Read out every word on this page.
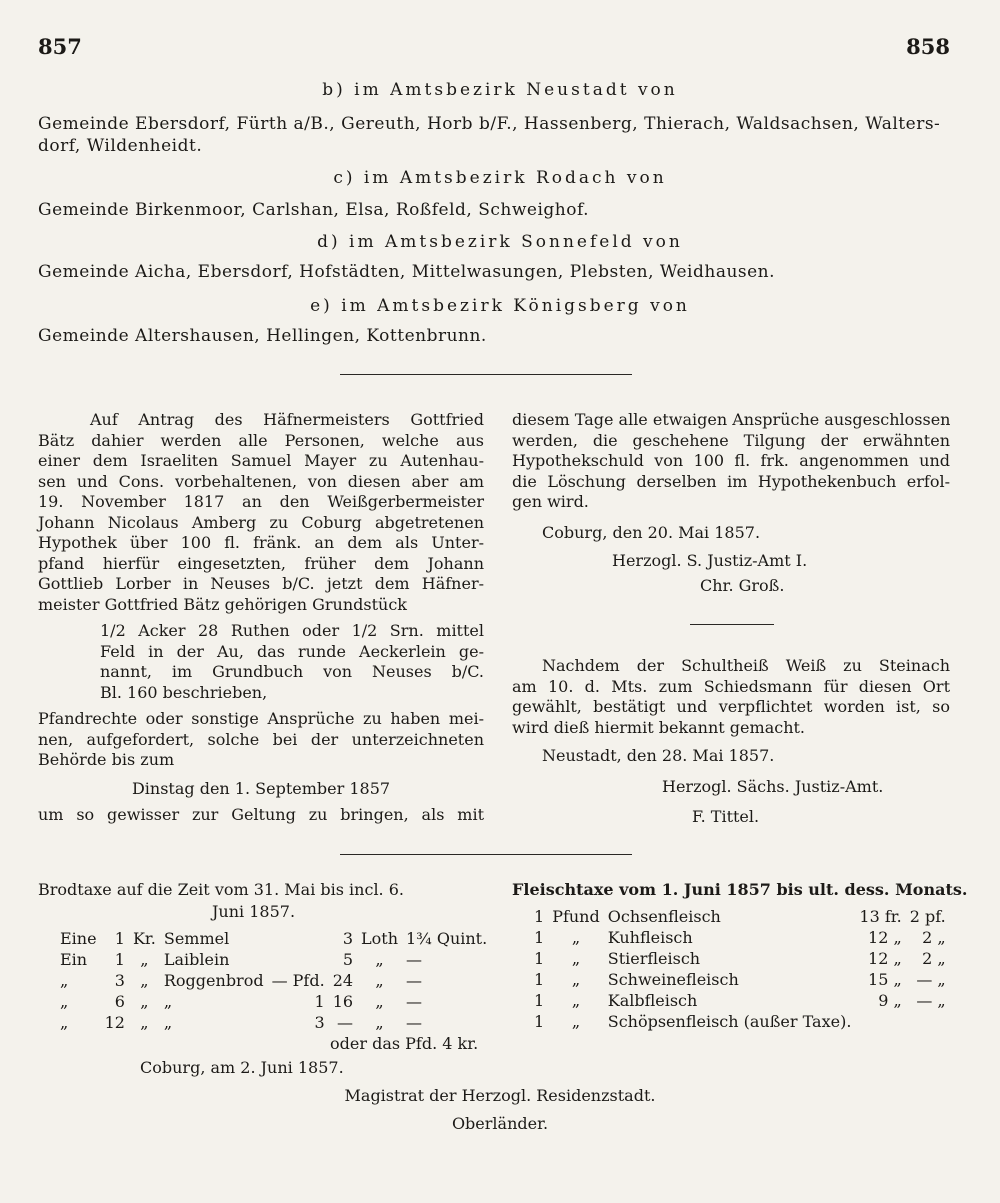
857	858
b) im Amtsbezirk Neustadt von
Gemeinde Ebersdorf, Fürth a/B., Gereuth, Horb b/F., Hassenberg, Thierach, Waldsachsen, Walters-
dorf, Wildenheidt.
c) im Amtsbezirk Rodach von
Gemeinde Birkenmoor, Carlshan, Elsa, Roßfeld, Schweighof.
d) im Amtsbezirk Sonnefeld von
Gemeinde Aicha, Ebersdorf, Hofstädten, Mittelwasungen, Plebsten, Weidhausen.
e) im Amtsbezirk Königsberg von
Gemeinde Altershausen, Hellingen, Kottenbrunn.
Auf Antrag des Häfnermeisters Gottfried
Bätz dahier werden alle Personen, welche aus
einer dem Israeliten Samuel Mayer zu Autenhau-
sen und Cons. vorbehaltenen, von diesen aber am
19. November 1817 an den Weißgerbermeister
Johann Nicolaus Amberg zu Coburg abgetretenen
Hypothek über 100 fl. fränk. an dem als Unter-
pfand hierfür eingesetzten, früher dem Johann
Gottlieb Lorber in Neuses b/C. jetzt dem Häfner-
meister Gottfried Bätz gehörigen Grundstück
1/2 Acker 28 Ruthen oder 1/2 Srn. mittel
Feld in der Au, das runde Aeckerlein ge-
nannt, im Grundbuch von Neuses b/C.
Bl. 160 beschrieben,
Pfandrechte oder sonstige Ansprüche zu haben mei-
nen, aufgefordert, solche bei der unterzeichneten
Behörde bis zum
Dinstag den 1. September 1857
um so gewisser zur Geltung zu bringen, als mit
diesem Tage alle etwaigen Ansprüche ausgeschlossen
werden, die geschehene Tilgung der erwähnten
Hypothekschuld von 100 fl. frk. angenommen und
die Löschung derselben im Hypothekenbuch erfol-
gen wird.
Coburg, den 20. Mai 1857.
Herzogl. S. Justiz-Amt I.
Chr. Groß.
Nachdem der Schultheiß Weiß zu Steinach
am 10. d. Mts. zum Schiedsmann für diesen Ort
gewählt, bestätigt und verpflichtet worden ist, so
wird dieß hiermit bekannt gemacht.
Neustadt, den 28. Mai 1857.
Herzogl. Sächs. Justiz-Amt.
F. Tittel.
Brodtaxe auf die Zeit vom 31. Mai bis incl. 6.
Juni 1857.
Eine	1	Kr.	Semmel		3	Loth	1¾ Quint.
Ein	1	„	Laiblein		5	„	—
„	3	„	Roggenbrod	— Pfd.	24	„	—
„	6	„	„	1	16	„	—
„	12	„	„	3	—	„	—
oder das Pfd. 4 kr.
Fleischtaxe vom 1. Juni 1857 bis ult. dess. Monats.
1	Pfund	Ochsenfleisch	13 fr.	2 pf.
1	„	Kuhfleisch	12 „	2 „
1	„	Stierfleisch	12 „	2 „
1	„	Schweinefleisch	15 „	— „
1	„	Kalbfleisch	9 „	— „
1	„	Schöpsenfleisch (außer Taxe).		
Coburg, am 2. Juni 1857.
Magistrat der Herzogl. Residenzstadt.
Oberländer.
